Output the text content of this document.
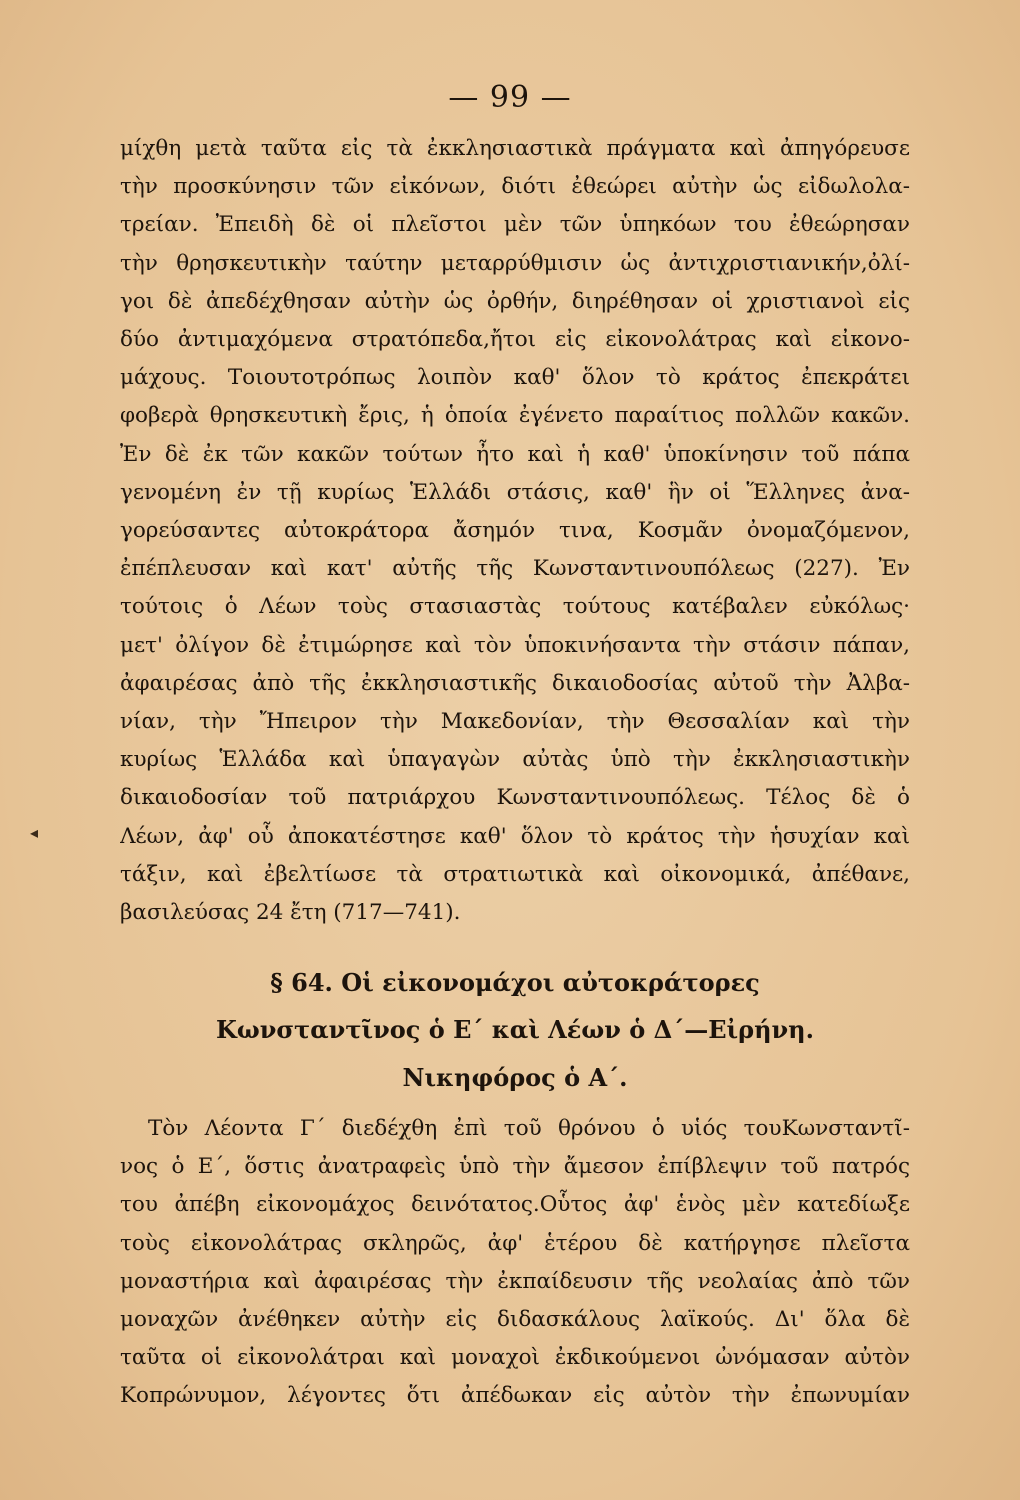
— 99 —
μίχθη μετὰ ταῦτα εἰς τὰ ἐκκλησιαστικὰ πράγματα καὶ ἀπηγόρευσε
τὴν προσκύνησιν τῶν εἰκόνων, διότι ἐθεώρει αὐτὴν ὡς εἰδωλολα-
τρείαν. Ἐπειδὴ δὲ οἱ πλεῖστοι μὲν τῶν ὑπηκόων του ἐθεώρησαν
τὴν θρησκευτικὴν ταύτην μεταρρύθμισιν ὡς ἀντιχριστιανικήν,ὀλί-
γοι δὲ ἀπεδέχθησαν αὐτὴν ὡς ὀρθήν, διηρέθησαν οἱ χριστιανοὶ εἰς
δύο ἀντιμαχόμενα στρατόπεδα,ἤτοι εἰς εἰκονολάτρας καὶ εἰκονο-
μάχους. Τοιουτοτρόπως λοιπὸν καθ' ὅλον τὸ κράτος ἐπεκράτει
φοβερὰ θρησκευτικὴ ἔρις, ἡ ὁποία ἐγένετο παραίτιος πολλῶν κακῶν.
Ἐν δὲ ἐκ τῶν κακῶν τούτων ἦτο καὶ ἡ καθ' ὑποκίνησιν τοῦ πάπα
γενομένη ἐν τῇ κυρίως Ἑλλάδι στάσις, καθ' ἣν οἱ Ἕλληνες ἀνα-
γορεύσαντες αὐτοκράτορα ἄσημόν τινα, Κοσμᾶν ὀνομαζόμενον,
ἐπέπλευσαν καὶ κατ' αὐτῆς τῆς Κωνσταντινουπόλεως (227). Ἐν
τούτοις ὁ Λέων τοὺς στασιαστὰς τούτους κατέβαλεν εὐκόλως·
μετ' ὀλίγον δὲ ἐτιμώρησε καὶ τὸν ὑποκινήσαντα τὴν στάσιν πάπαν,
ἀφαιρέσας ἀπὸ τῆς ἐκκλησιαστικῆς δικαιοδοσίας αὐτοῦ τὴν Ἀλβα-
νίαν, τὴν Ἤπειρον τὴν Μακεδονίαν, τὴν Θεσσαλίαν καὶ τὴν
κυρίως Ἑλλάδα καὶ ὑπαγαγὼν αὐτὰς ὑπὸ τὴν ἐκκλησιαστικὴν
δικαιοδοσίαν τοῦ πατριάρχου Κωνσταντινουπόλεως. Τέλος δὲ ὁ
Λέων, ἀφ' οὗ ἀποκατέστησε καθ' ὅλον τὸ κράτος τὴν ἡσυχίαν καὶ
τάξιν, καὶ ἐβελτίωσε τὰ στρατιωτικὰ καὶ οἰκονομικά, ἀπέθανε,
βασιλεύσας 24 ἔτη (717—741).
§ 64. Οἱ εἰκονομάχοι αὐτοκράτορες
Κωνσταντῖνος ὁ Ε΄ καὶ Λέων ὁ Δ΄—Εἰρήνη.
Νικηφόρος ὁ Α΄.
Τὸν Λέοντα Γ΄ διεδέχθη ἐπὶ τοῦ θρόνου ὁ υἱός τουΚωνσταντῖ-
νος ὁ Ε΄, ὅστις ἀνατραφεὶς ὑπὸ τὴν ἄμεσον ἐπίβλεψιν τοῦ πατρός
του ἀπέβη εἰκονομάχος δεινότατος.Οὗτος ἀφ' ἑνὸς μὲν κατεδίωξε
τοὺς εἰκονολάτρας σκληρῶς, ἀφ' ἑτέρου δὲ κατήργησε πλεῖστα
μοναστήρια καὶ ἀφαιρέσας τὴν ἐκπαίδευσιν τῆς νεολαίας ἀπὸ τῶν
μοναχῶν ἀνέθηκεν αὐτὴν εἰς διδασκάλους λαϊκούς. Δι' ὅλα δὲ
ταῦτα οἱ εἰκονολάτραι καὶ μοναχοὶ ἐκδικούμενοι ὠνόμασαν αὐτὸν
Κοπρώνυμον, λέγοντες ὅτι ἀπέδωκαν εἰς αὐτὸν τὴν ἐπωνυμίαν
◂
